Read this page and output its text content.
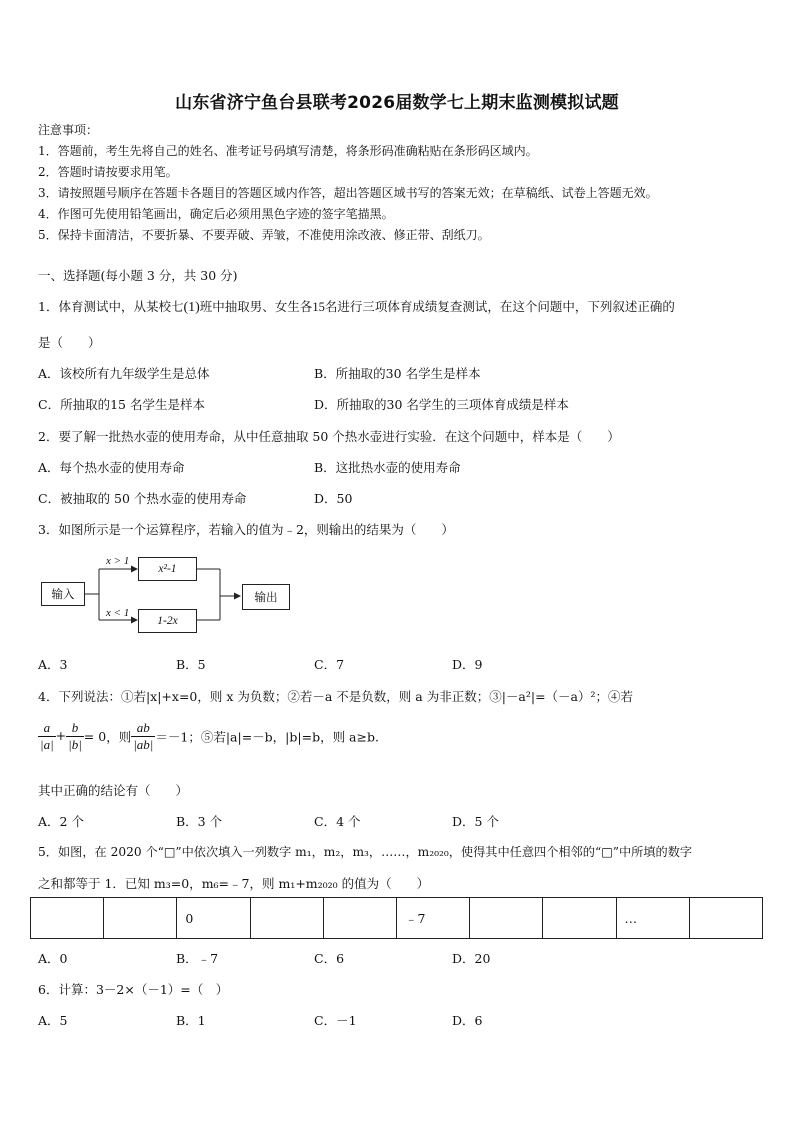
山东省济宁鱼台县联考2026届数学七上期末监测模拟试题
注意事项：
1．答题前，考生先将自己的姓名、准考证号码填写清楚，将条形码准确粘贴在条形码区域内。
2．答题时请按要求用笔。
3．请按照题号顺序在答题卡各题目的答题区域内作答，超出答题区域书写的答案无效；在草稿纸、试卷上答题无效。
4．作图可先使用铅笔画出，确定后必须用黑色字迹的签字笔描黑。
5．保持卡面清洁，不要折暴、不要弄破、弄皱，不准使用涂改液、修正带、刮纸刀。
一、选择题(每小题 3 分，共 30 分)
1．体育测试中，从某校七(1)班中抽取男、女生各15名进行三项体育成绩复查测试，在这个问题中，下列叙述正确的
是（　　）
A．该校所有九年级学生是总体	B．所抽取的30 名学生是样本
C．所抽取的15 名学生是样本	D．所抽取的30 名学生的三项体育成绩是样本
2．要了解一批热水壶的使用寿命，从中任意抽取 50 个热水壶进行实验．在这个问题中，样本是（　　）
A．每个热水壶的使用寿命	B．这批热水壶的使用寿命
C．被抽取的 50 个热水壶的使用寿命	D．50
3．如图所示是一个运算程序，若输入的值为﹣2，则输出的结果为（　　）
输入
x > 1
x < 1
x²-1
1-2x
输出
A．3	B．5	C．7	D．9
4．下列说法：①若|x|+x=0，则 x 为负数；②若－a 不是负数，则 a 为非正数；③|－a²|=（－a）²；④若
$\frac{a}{|a|} + \frac{b}{|b|} = 0$，则 $\frac{ab}{|ab|} =-1$；⑤若|a|=－b，|b|=b，则 a≥b.
其中正确的结论有（　　）
A．2 个	B．3 个	C．4 个	D．5 个
5．如图，在 2020 个“□”中依次填入一列数字 m₁，m₂，m₃，……，m₂₀₂₀，使得其中任意四个相邻的“□”中所填的数字
之和都等于 1．已知 m₃=0，m₆=﹣7，则 m₁+m₂₀₂₀ 的值为（　　）
		0			﹣7			…	
A．0	B．﹣7	C．6	D．20
6．计算：3－2×（－1）=（　）
A．5	B．1	C．－1	D．6
